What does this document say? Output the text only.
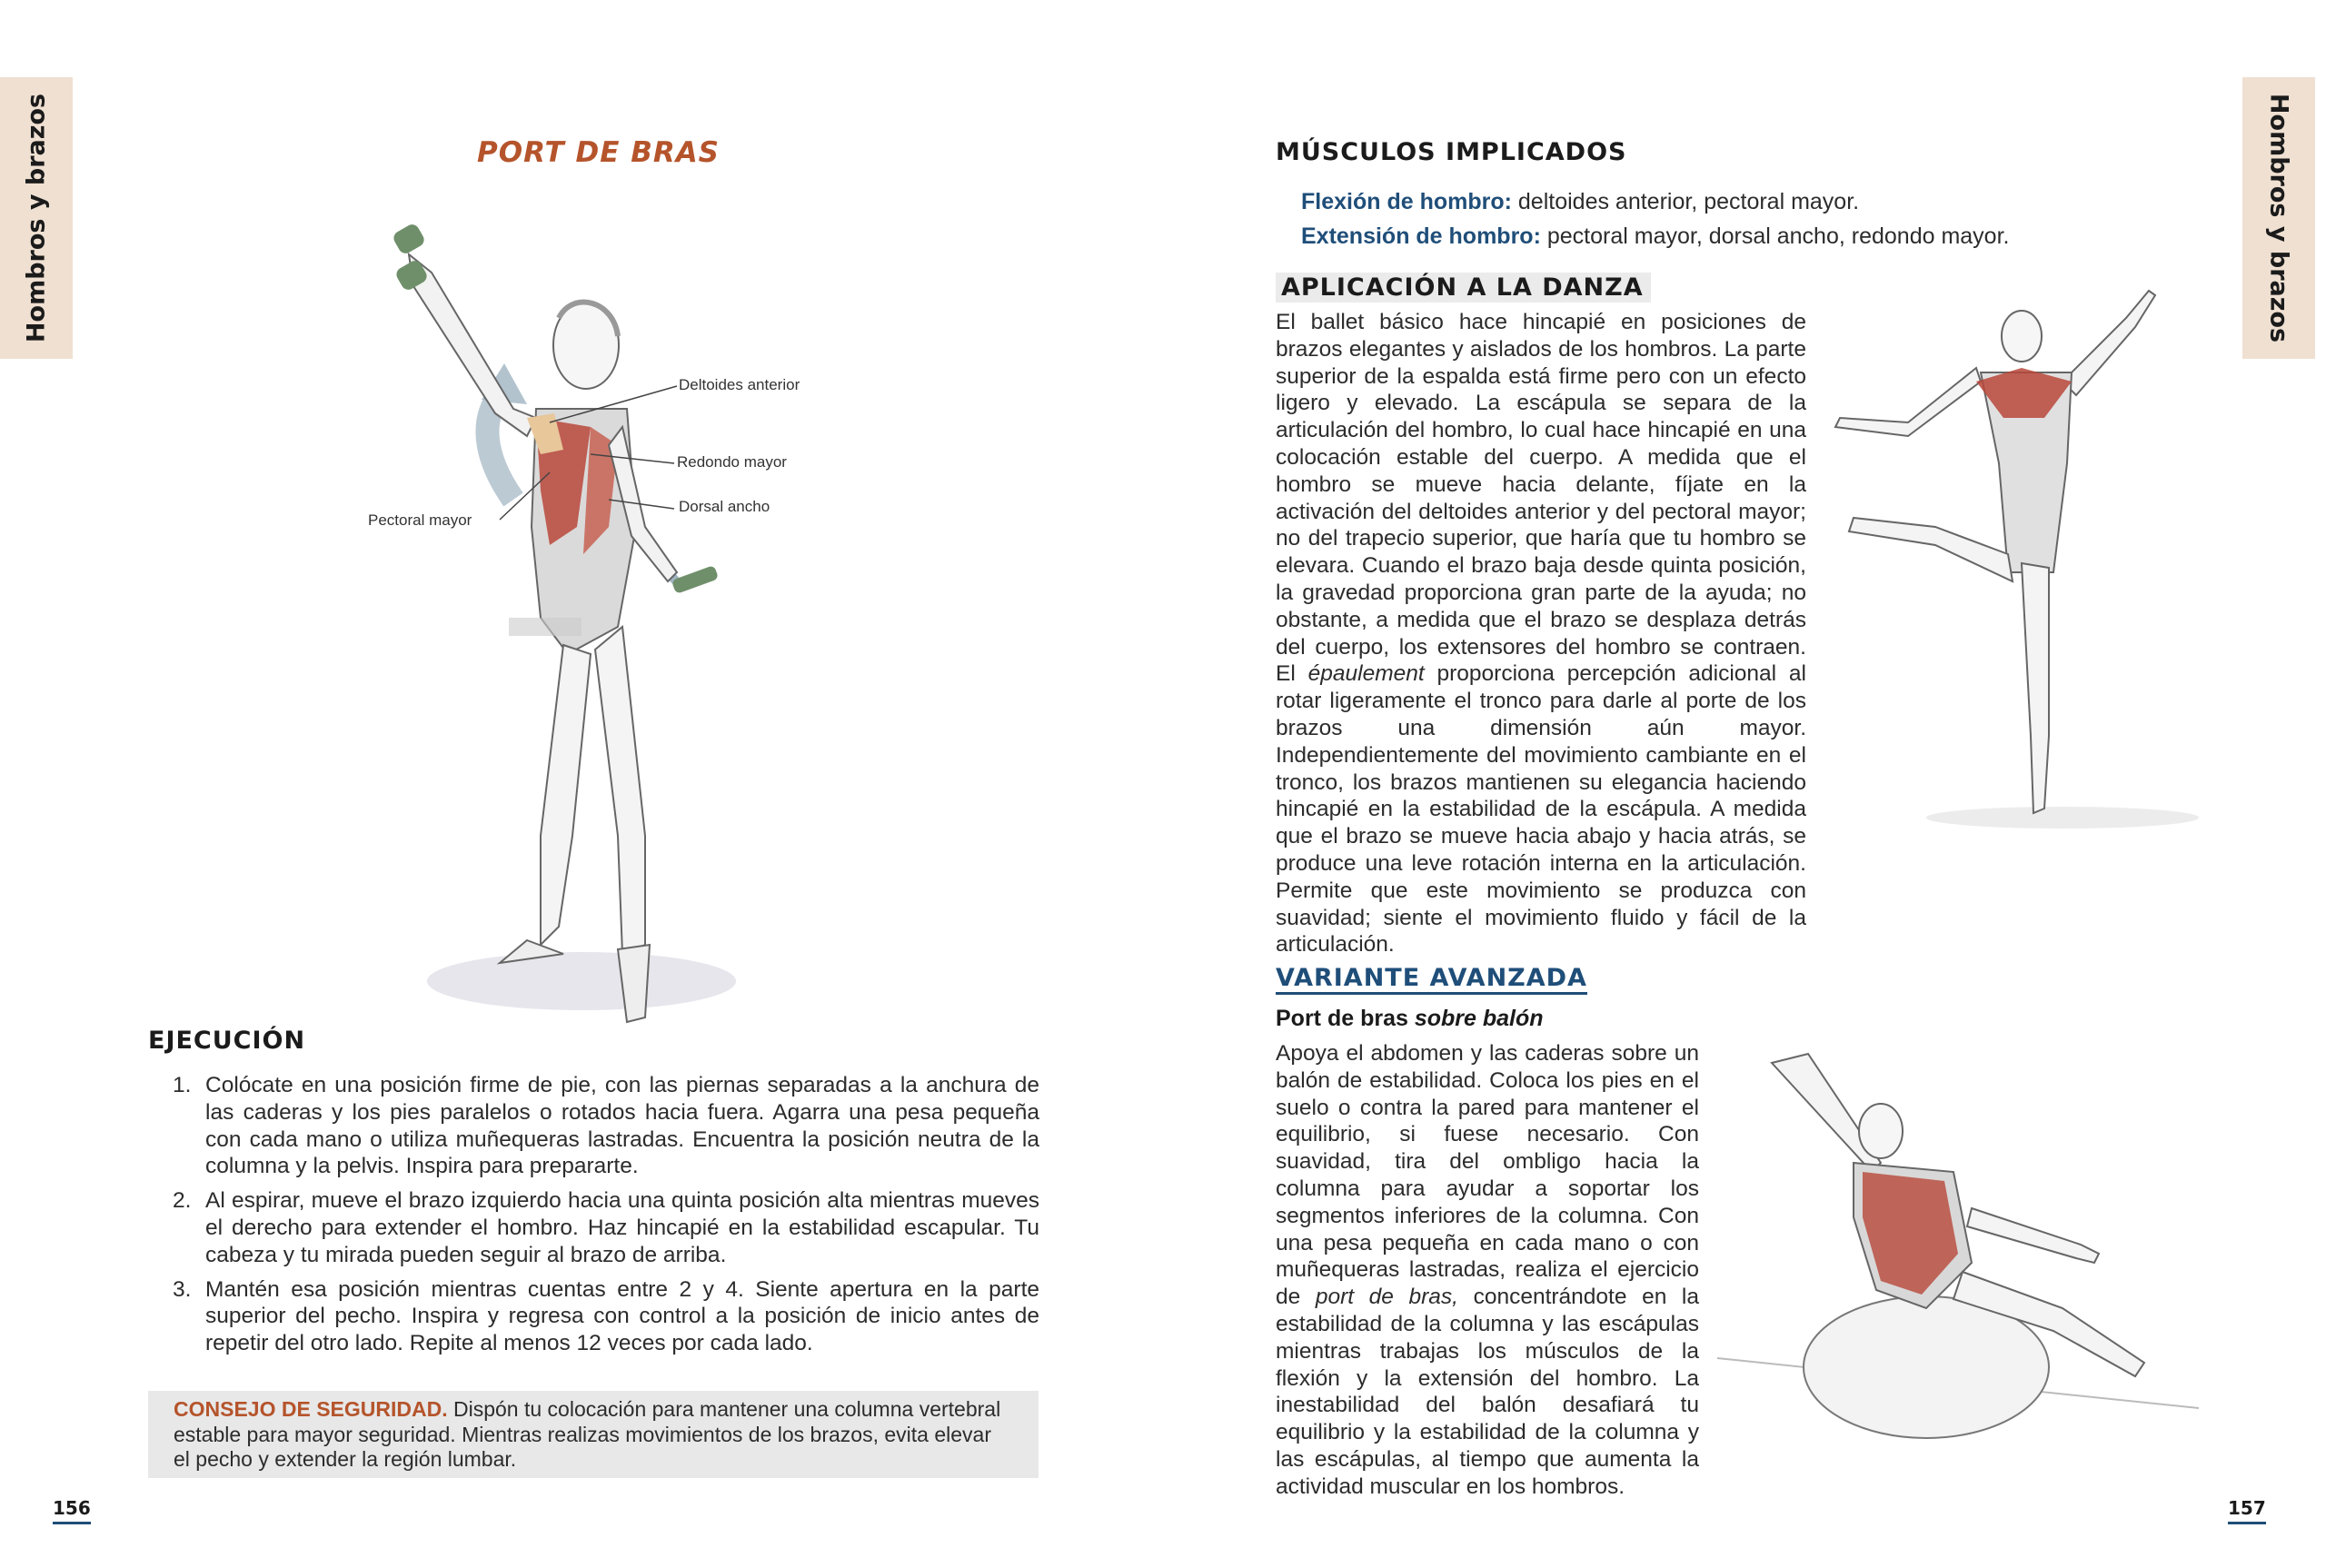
Hombros y brazos	Hombros y brazos
PORT DE BRAS
Deltoides anterior
Redondo mayor
Dorsal ancho
Pectoral mayor
EJECUCIÓN
1. Colócate en una posición firme de pie, con las piernas separadas a la anchura de las caderas y los pies paralelos o rotados hacia fuera. Agarra una pesa pequeña con cada mano o utiliza muñequeras lastradas. Encuentra la posición neutra de la columna y la pelvis. Inspira para prepararte.
2. Al espirar, mueve el brazo izquierdo hacia una quinta posición alta mientras mueves el derecho para extender el hombro. Haz hincapié en la estabilidad escapular. Tu cabeza y tu mirada pueden seguir al brazo de arriba.
3. Mantén esa posición mientras cuentas entre 2 y 4. Siente apertura en la parte superior del pecho. Inspira y regresa con control a la posición de inicio antes de repetir del otro lado. Repite al menos 12 veces por cada lado.
CONSEJO DE SEGURIDAD. Dispón tu colocación para mantener una columna vertebral estable para mayor seguridad. Mientras realizas movimientos de los brazos, evita elevar el pecho y extender la región lumbar.
156	157
MÚSCULOS IMPLICADOS
Flexión de hombro: deltoides anterior, pectoral mayor.
Extensión de hombro: pectoral mayor, dorsal ancho, redondo mayor.
APLICACIÓN A LA DANZA
El ballet básico hace hincapié en posiciones de brazos elegantes y aislados de los hombros. La parte superior de la espalda está firme pero con un efecto ligero y elevado. La escápula se separa de la articulación del hombro, lo cual hace hincapié en una colocación estable del cuerpo. A medida que el hombro se mueve hacia delante, fíjate en la activación del deltoides anterior y del pectoral mayor; no del trapecio superior, que haría que tu hombro se elevara. Cuando el brazo baja desde quinta posición, la gravedad proporciona gran parte de la ayuda; no obstante, a medida que el brazo se desplaza detrás del cuerpo, los extensores del hombro se contraen. El épaulement proporciona percepción adicional al rotar ligeramente el tronco para darle al porte de los brazos una dimensión aún mayor. Independientemente del movimiento cambiante en el tronco, los brazos mantienen su elegancia haciendo hincapié en la estabilidad de la escápula. A medida que el brazo se mueve hacia abajo y hacia atrás, se produce una leve rotación interna en la articulación. Permite que este movimiento se produzca con suavidad; siente el movimiento fluido y fácil de la articulación.
VARIANTE AVANZADA
Port de bras sobre balón
Apoya el abdomen y las caderas sobre un balón de estabilidad. Coloca los pies en el suelo o contra la pared para mantener el equilibrio, si fuese necesario. Con suavidad, tira del ombligo hacia la columna para ayudar a soportar los segmentos inferiores de la columna. Con una pesa pequeña en cada mano o con muñequeras lastradas, realiza el ejercicio de port de bras, concentrándote en la estabilidad de la columna y las escápulas mientras trabajas los músculos de la flexión y la extensión del hombro. La inestabilidad del balón desafiará tu equilibrio y la estabilidad de la columna y las escápulas, al tiempo que aumenta la actividad muscular en los hombros.
